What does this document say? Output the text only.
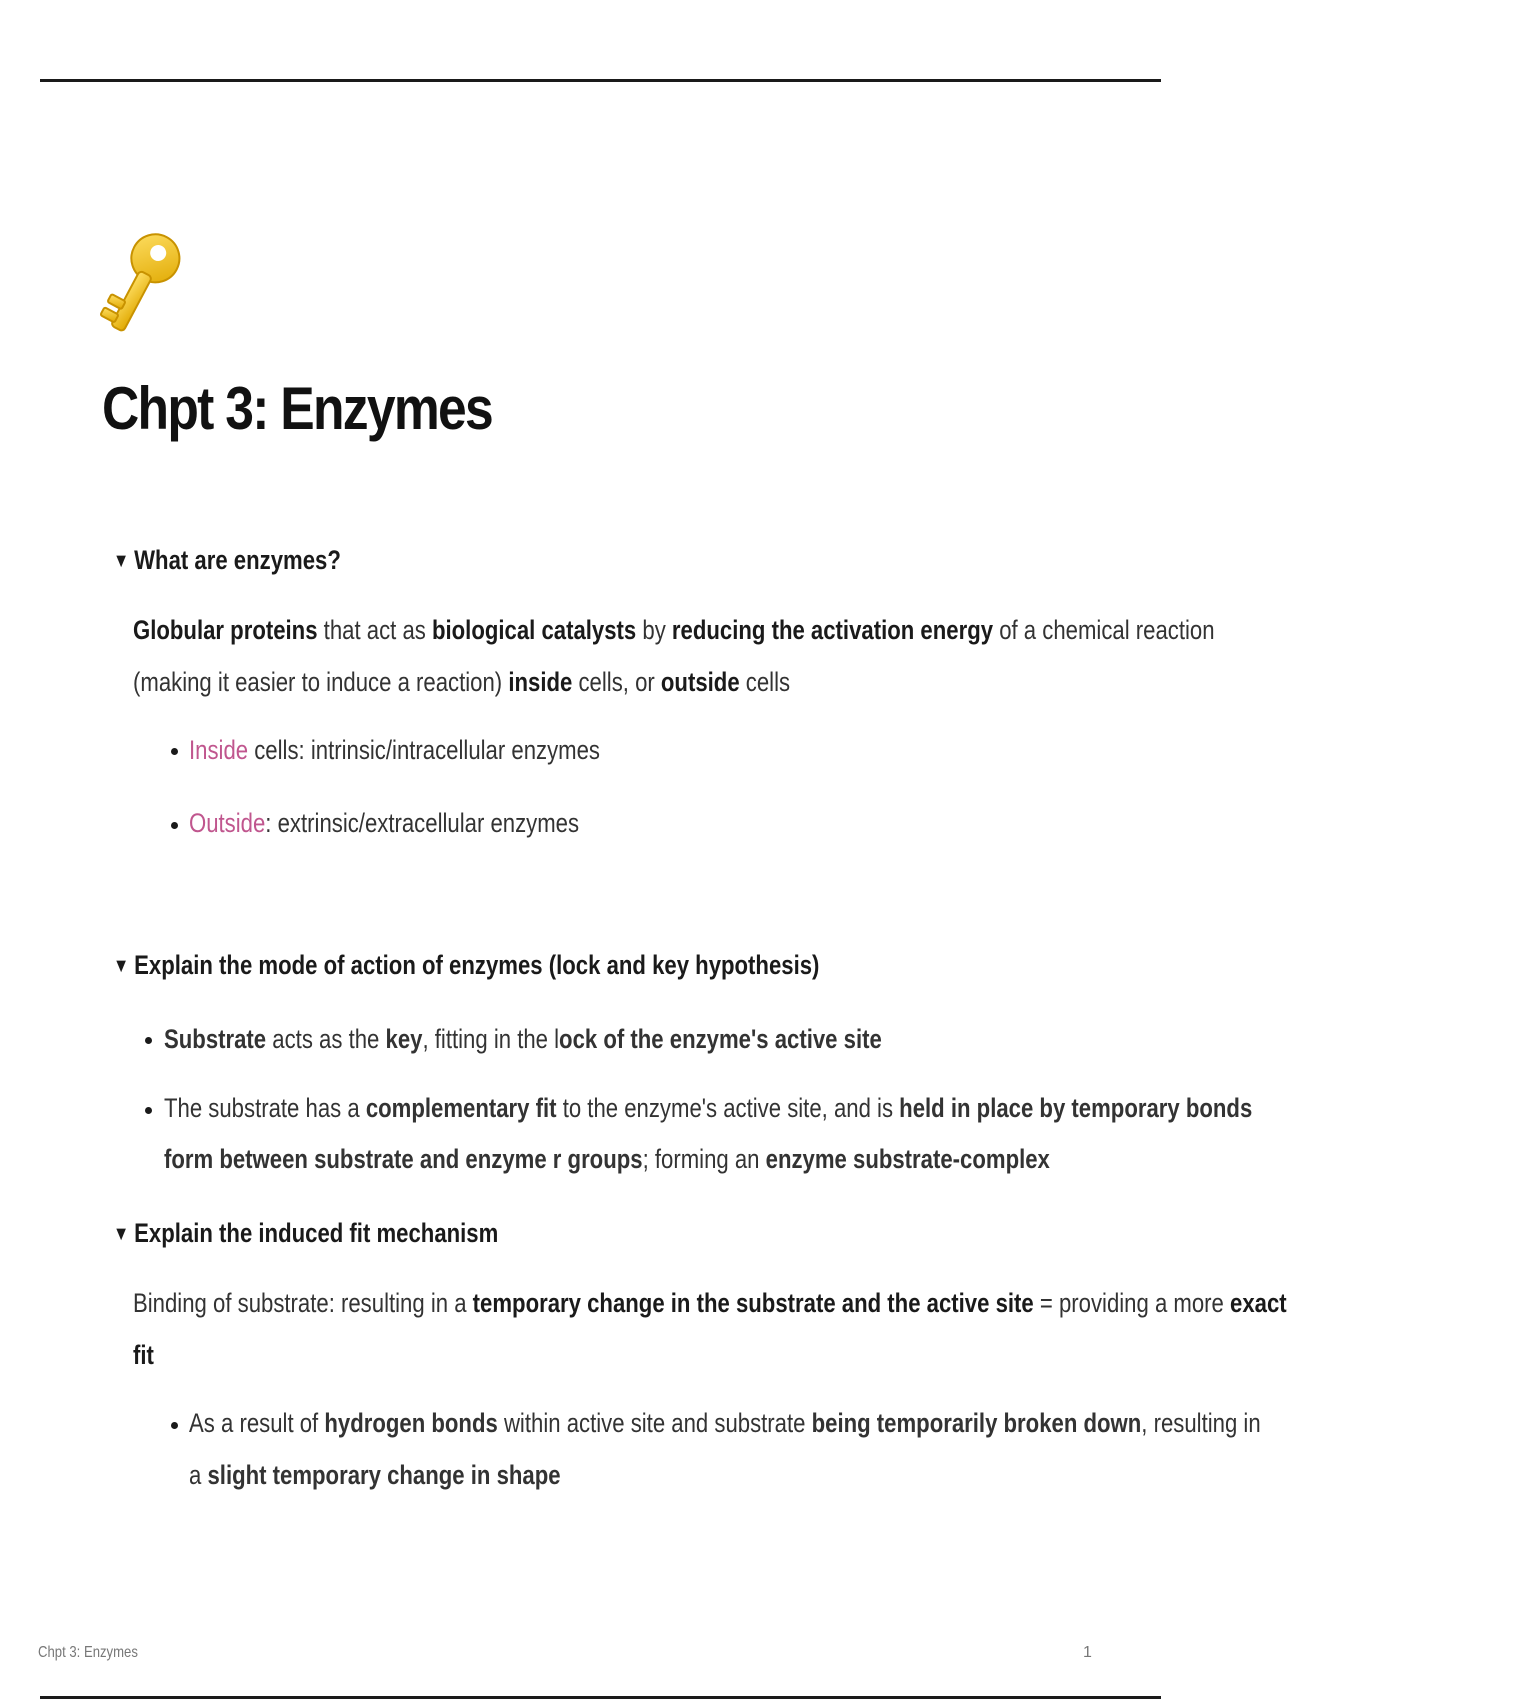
Chpt 3: Enzymes
▼ What are enzymes?
Globular proteins that act as biological catalysts by reducing the activation energy of a chemical reaction
(making it easier to induce a reaction) inside cells, or outside cells
Inside cells: intrinsic/intracellular enzymes
Outside: extrinsic/extracellular enzymes
▼ Explain the mode of action of enzymes (lock and key hypothesis)
Substrate acts as the key, fitting in the lock of the enzyme's active site
The substrate has a complementary fit to the enzyme's active site, and is held in place by temporary bonds
form between substrate and enzyme r groups; forming an enzyme substrate-complex
▼ Explain the induced fit mechanism
Binding of substrate: resulting in a temporary change in the substrate and the active site = providing a more exact
fit
As a result of hydrogen bonds within active site and substrate being temporarily broken down, resulting in
a slight temporary change in shape
Chpt 3: Enzymes	1
